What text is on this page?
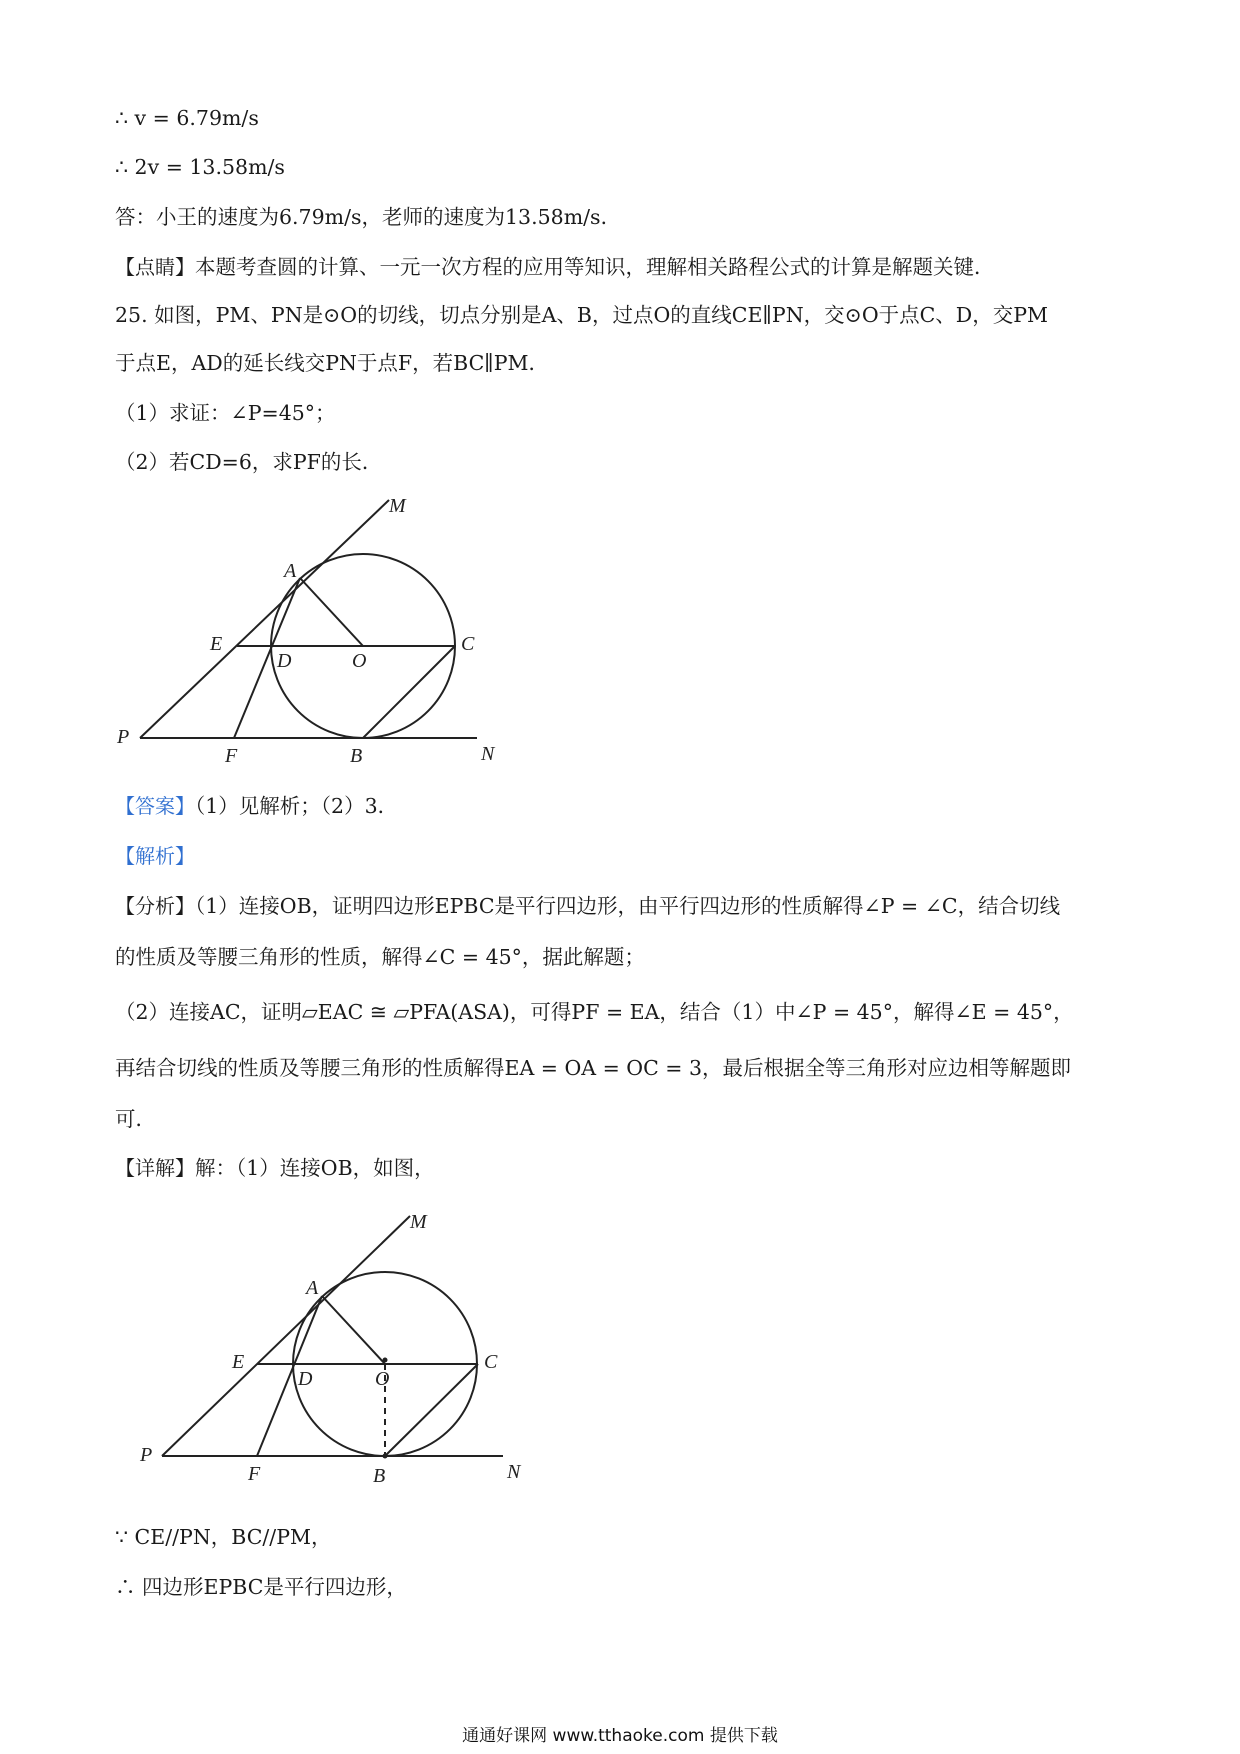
∴ v = 6.79m/s
∴ 2v = 13.58m/s
答：小王的速度为6.79m/s，老师的速度为13.58m/s．
【点睛】本题考查圆的计算、一元一次方程的应用等知识，理解相关路程公式的计算是解题关键．
25. 如图，PM、PN是⊙O的切线，切点分别是A、B，过点O的直线CE∥PN，交⊙O于点C、D，交PM
于点E，AD的延长线交PN于点F，若BC∥PM．
（1）求证：∠P=45°；
（2）若CD=6，求PF的长．
M
A
E
D	O
C
P
F	B	N
【答案】（1）见解析；（2）3．
【解析】
【分析】（1）连接OB，证明四边形EPBC是平行四边形，由平行四边形的性质解得∠P = ∠C，结合切线
的性质及等腰三角形的性质，解得∠C = 45°，据此解题；
（2）连接AC，证明▱EAC ≅ ▱PFA(ASA)，可得PF = EA，结合（1）中∠P = 45°，解得∠E = 45°，
再结合切线的性质及等腰三角形的性质解得EA = OA = OC = 3，最后根据全等三角形对应边相等解题即
可．
【详解】解：（1）连接OB，如图，
M
A
E
D	O
C
P
F	B	N
∵ CE//PN，BC//PM，
∴ 四边形EPBC是平行四边形，
通通好课网 www.tthaoke.com 提供下载
